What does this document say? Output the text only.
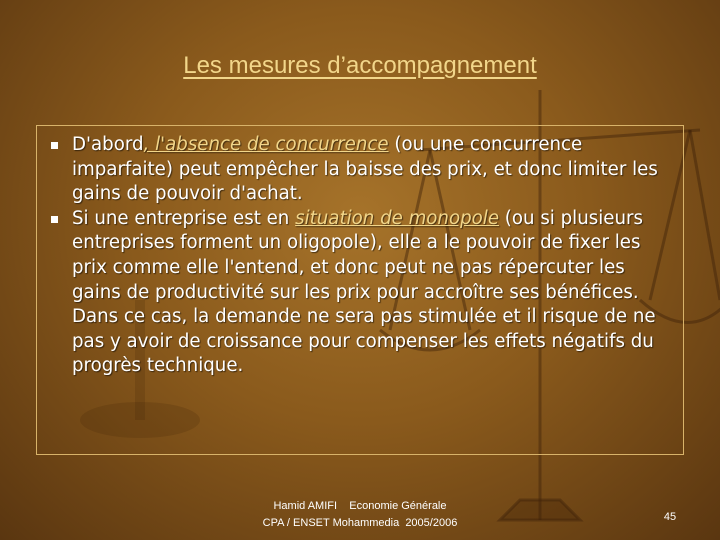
Les mesures d’accompagnement
D'abord, l'absence de concurrence (ou une concurrence imparfaite) peut empêcher la baisse des prix, et donc limiter les gains de pouvoir d'achat.
Si une entreprise est en situation de monopole (ou si plusieurs entreprises forment un oligopole), elle a le pouvoir de fixer les prix comme elle l'entend, et donc peut ne pas répercuter les gains de productivité sur les prix pour accroître ses bénéfices. Dans ce cas, la demande ne sera pas stimulée et il risque de ne pas y avoir de croissance pour compenser les effets négatifs du progrès technique.
Hamid AMIFI    Economie Générale
CPA / ENSET Mohammedia  2005/2006	45
